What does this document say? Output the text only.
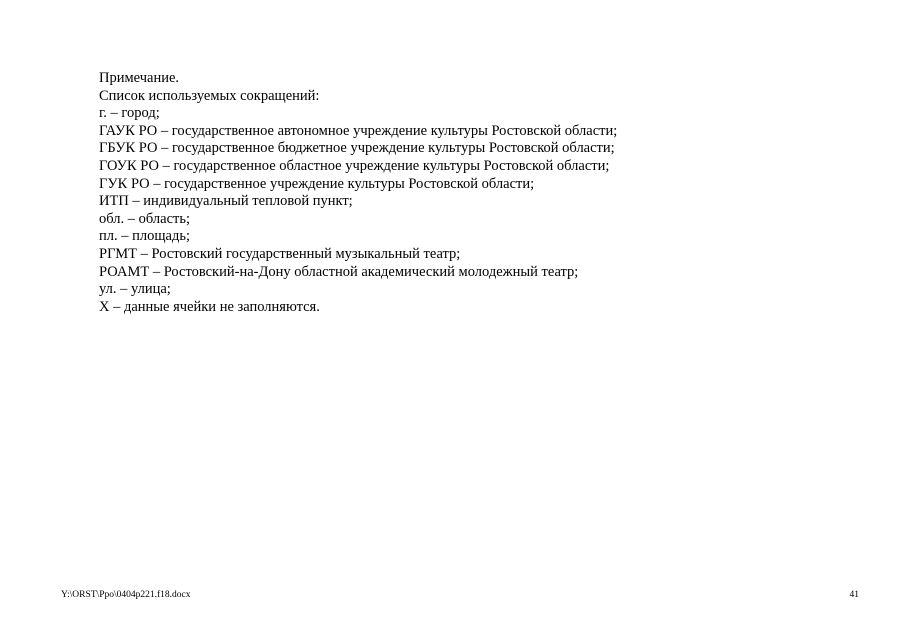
Примечание.
Список используемых сокращений:
г. – город;
ГАУК РО – государственное автономное учреждение культуры Ростовской области;
ГБУК РО – государственное бюджетное учреждение культуры Ростовской области;
ГОУК РО – государственное областное учреждение культуры Ростовской области;
ГУК РО – государственное учреждение культуры Ростовской области;
ИТП – индивидуальный тепловой пункт;
обл. – область;
пл. – площадь;
РГМТ – Ростовский государственный музыкальный театр;
РОАМТ – Ростовский-на-Дону областной академический молодежный театр;
ул. – улица;
Х – данные ячейки не заполняются.
Y:\ORST\Ppo\0404p221.f18.docx	41
